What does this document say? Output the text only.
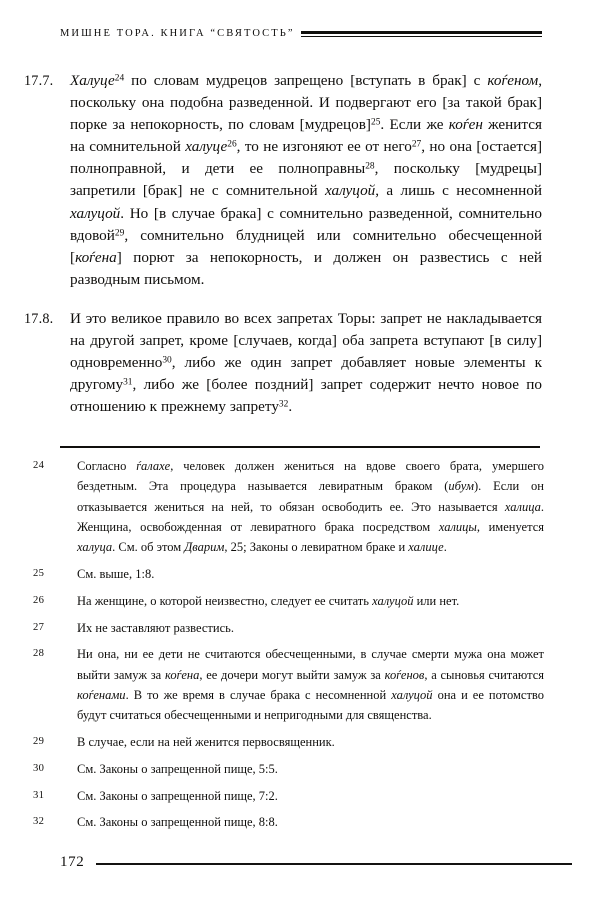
МИШНЕ ТОРА. КНИГА “СВЯТОСТЬ”
17.7.	Халуце$^{24}$ по словам мудрецов запрещено [вступать в брак] с коѓеном, поскольку она подобна разведенной. И подвергают его [за такой брак] порке за непокорность, по словам [мудрецов]$^{25}$. Если же коѓен женится на сомнительной халуце$^{26}$, то не изгоняют ее от него$^{27}$, но она [остается] полноправной, и дети ее полноправны$^{28}$, поскольку [мудрецы] запретили [брак] не с сомнительной халуцой, а лишь с несомненной халуцой. Но [в случае брака] с сомнительно разведенной, сомнительно вдовой$^{29}$, сомнительно блудницей или сомнительно обесчещенной [коѓена] порют за непокорность, и должен он развестись с ней разводным письмом.
17.8.	И это великое правило во всех запретах Торы: запрет не накладывается на другой запрет, кроме [случаев, когда] оба запрета вступают [в силу] одновременно$^{30}$, либо же один запрет добавляет новые элементы к другому$^{31}$, либо же [более поздний] запрет содержит нечто новое по отношению к прежнему запрету$^{32}$.
24	Согласно ѓалахе, человек должен жениться на вдове своего брата, умершего бездетным. Эта процедура называется левиратным браком (ибум). Если он отказывается жениться на ней, то обязан освободить ее. Это называется халица. Женщина, освобожденная от левиратного брака посредством халицы, именуется халуца. См. об этом Дварим, 25; Законы о левиратном браке и халице.
25	См. выше, 1:8.
26	На женщине, о которой неизвестно, следует ее считать халуцой или нет.
27	Их не заставляют развестись.
28	Ни она, ни ее дети не считаются обесчещенными, в случае смерти мужа она может выйти замуж за коѓена, ее дочери могут выйти замуж за коѓенов, а сыновья считаются коѓенами. В то же время в случае брака с несомненной халуцой она и ее потомство будут считаться обесчещенными и непригодными для священства.
29	В случае, если на ней женится первосвященник.
30	См. Законы о запрещенной пище, 5:5.
31	См. Законы о запрещенной пище, 7:2.
32	См. Законы о запрещенной пище, 8:8.
172
